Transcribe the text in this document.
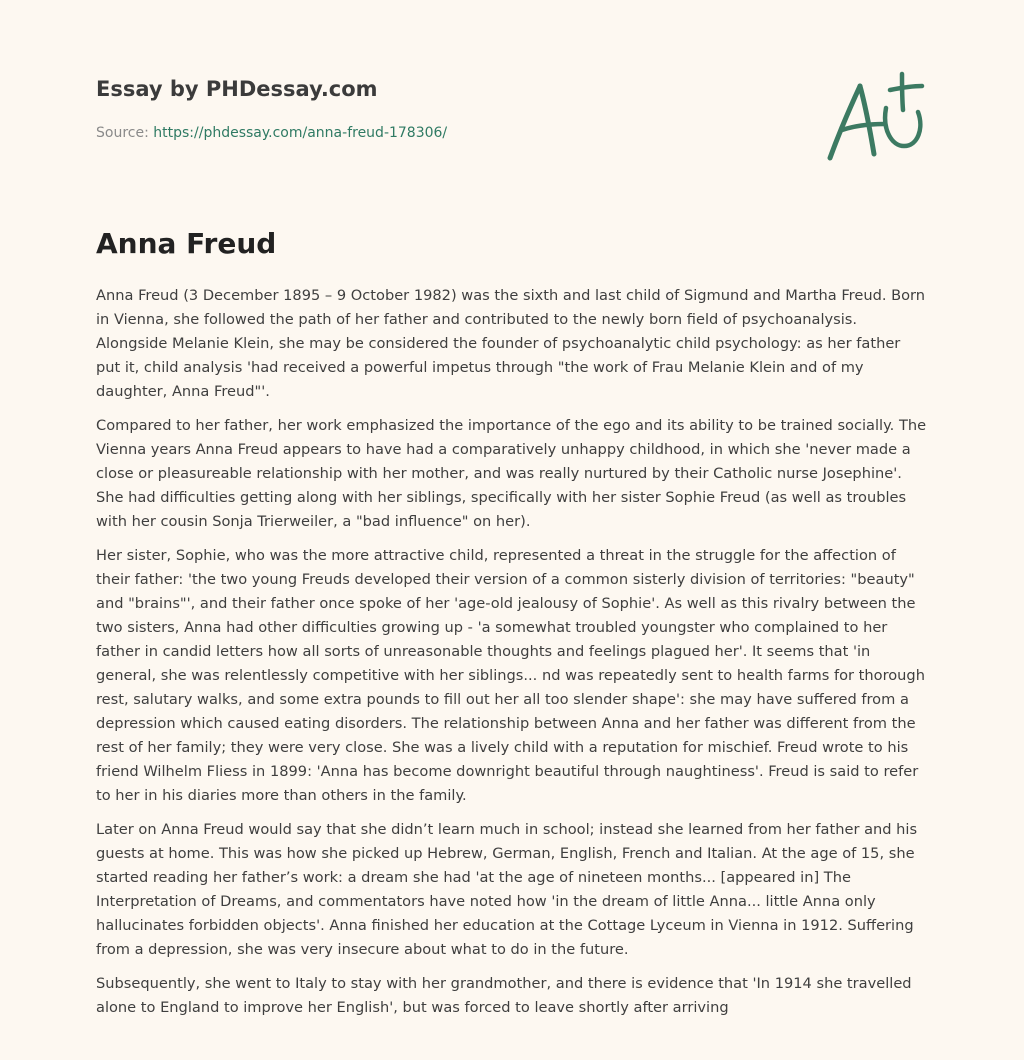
Essay by PHDessay.com
Source: https://phdessay.com/anna-freud-178306/
Anna Freud

Anna Freud (3 December 1895 – 9 October 1982) was the sixth and last child of Sigmund and Martha Freud. Born in Vienna, she followed the path of her father and contributed to the newly born field of psychoanalysis. Alongside Melanie Klein, she may be considered the founder of psychoanalytic child psychology: as her father put it, child analysis 'had received a powerful impetus through "the work of Frau Melanie Klein and of my daughter, Anna Freud"'.

Compared to her father, her work emphasized the importance of the ego and its ability to be trained socially. The Vienna years Anna Freud appears to have had a comparatively unhappy childhood, in which she 'never made a close or pleasureable relationship with her mother, and was really nurtured by their Catholic nurse Josephine'. She had difficulties getting along with her siblings, specifically with her sister Sophie Freud (as well as troubles with her cousin Sonja Trierweiler, a "bad influence" on her).

Her sister, Sophie, who was the more attractive child, represented a threat in the struggle for the affection of their father: 'the two young Freuds developed their version of a common sisterly division of territories: "beauty" and "brains"', and their father once spoke of her 'age-old jealousy of Sophie'. As well as this rivalry between the two sisters, Anna had other difficulties growing up - 'a somewhat troubled youngster who complained to her father in candid letters how all sorts of unreasonable thoughts and feelings plagued her'. It seems that 'in general, she was relentlessly competitive with her siblings... nd was repeatedly sent to health farms for thorough rest, salutary walks, and some extra pounds to fill out her all too slender shape': she may have suffered from a depression which caused eating disorders. The relationship between Anna and her father was different from the rest of her family; they were very close. She was a lively child with a reputation for mischief. Freud wrote to his friend Wilhelm Fliess in 1899: 'Anna has become downright beautiful through naughtiness'. Freud is said to refer to her in his diaries more than others in the family.

Later on Anna Freud would say that she didn’t learn much in school; instead she learned from her father and his guests at home. This was how she picked up Hebrew, German, English, French and Italian. At the age of 15, she started reading her father’s work: a dream she had 'at the age of nineteen months... [appeared in] The Interpretation of Dreams, and commentators have noted how 'in the dream of little Anna... little Anna only hallucinates forbidden objects'. Anna finished her education at the Cottage Lyceum in Vienna in 1912. Suffering from a depression, she was very insecure about what to do in the future.

Subsequently, she went to Italy to stay with her grandmother, and there is evidence that 'In 1914 she travelled alone to England to improve her English', but was forced to leave shortly after arriving
